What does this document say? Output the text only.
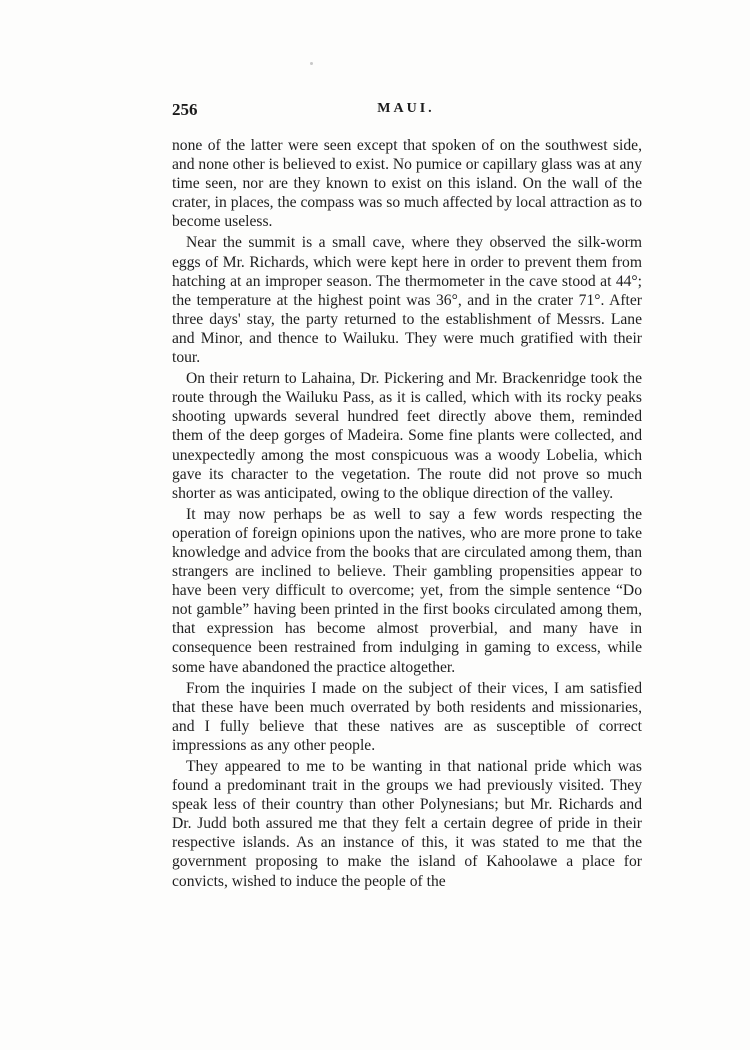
256	MAUI.

none of the latter were seen except that spoken of on the southwest side, and none other is believed to exist. No pumice or capillary glass was at any time seen, nor are they known to exist on this island. On the wall of the crater, in places, the compass was so much affected by local attraction as to become useless.

Near the summit is a small cave, where they observed the silk-worm eggs of Mr. Richards, which were kept here in order to prevent them from hatching at an improper season. The thermometer in the cave stood at 44°; the temperature at the highest point was 36°, and in the crater 71°. After three days' stay, the party returned to the establishment of Messrs. Lane and Minor, and thence to Wailuku. They were much gratified with their tour.

On their return to Lahaina, Dr. Pickering and Mr. Brackenridge took the route through the Wailuku Pass, as it is called, which with its rocky peaks shooting upwards several hundred feet directly above them, reminded them of the deep gorges of Madeira. Some fine plants were collected, and unexpectedly among the most conspicuous was a woody Lobelia, which gave its character to the vegetation. The route did not prove so much shorter as was anticipated, owing to the oblique direction of the valley.

It may now perhaps be as well to say a few words respecting the operation of foreign opinions upon the natives, who are more prone to take knowledge and advice from the books that are circulated among them, than strangers are inclined to believe. Their gambling propensities appear to have been very difficult to overcome; yet, from the simple sentence “Do not gamble” having been printed in the first books circulated among them, that expression has become almost proverbial, and many have in consequence been restrained from indulging in gaming to excess, while some have abandoned the practice altogether.

From the inquiries I made on the subject of their vices, I am satisfied that these have been much overrated by both residents and missionaries, and I fully believe that these natives are as susceptible of correct impressions as any other people.

They appeared to me to be wanting in that national pride which was found a predominant trait in the groups we had previously visited. They speak less of their country than other Polynesians; but Mr. Richards and Dr. Judd both assured me that they felt a certain degree of pride in their respective islands. As an instance of this, it was stated to me that the government proposing to make the island of Kahoolawe a place for convicts, wished to induce the people of the
